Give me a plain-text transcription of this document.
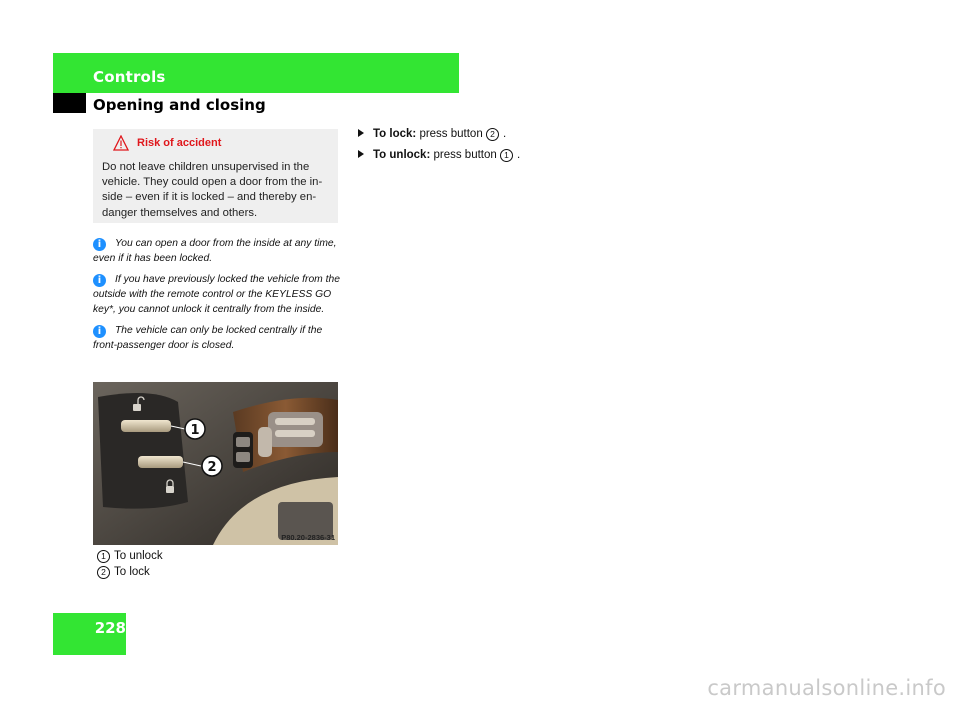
Controls
Opening and closing
Risk of accident
Do not leave children unsupervised in the vehicle. They could open a door from the in-side – even if it is locked – and thereby en-danger themselves and others.
i You can open a door from the inside at any time, even if it has been locked.
i If you have previously locked the vehicle from the outside with the remote control or the KEYLESS GO key*, you cannot unlock it centrally from the inside.
i The vehicle can only be locked centrally if the front-passenger door is closed.
1
2
P80.20-2836-31
1 To unlock
2 To lock
To lock: press button 2 .
To unlock: press button 1 .
228
carmanualsonline.info
